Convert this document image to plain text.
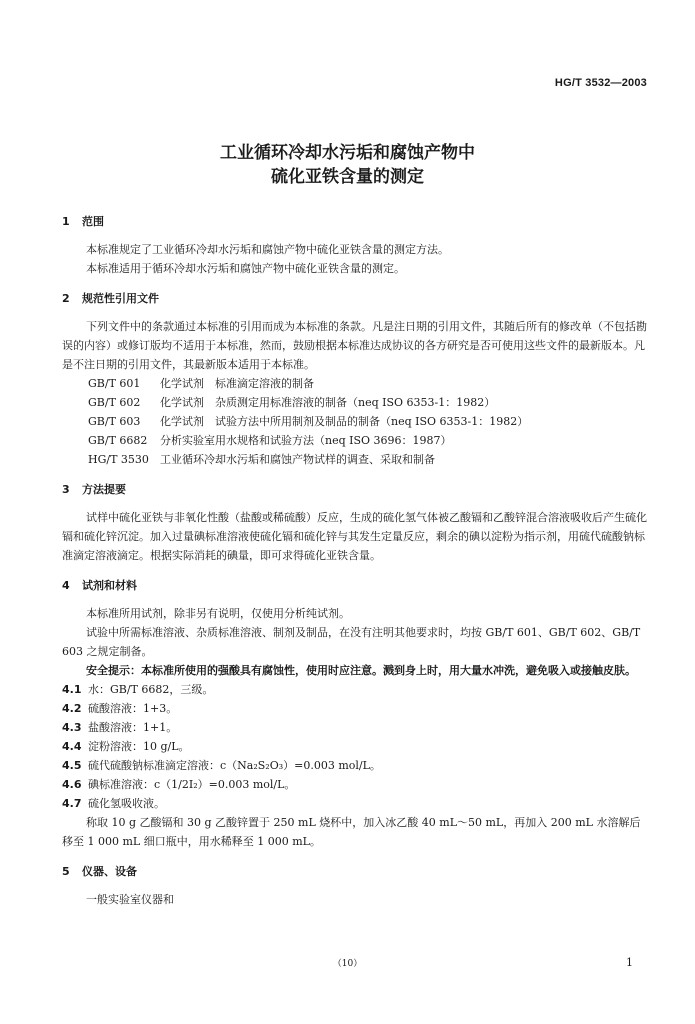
HG/T 3532—2003
工业循环冷却水污垢和腐蚀产物中
硫化亚铁含量的测定
1 范围

本标准规定了工业循环冷却水污垢和腐蚀产物中硫化亚铁含量的测定方法。

本标准适用于循环冷却水污垢和腐蚀产物中硫化亚铁含量的测定。

2 规范性引用文件

下列文件中的条款通过本标准的引用而成为本标准的条款。凡是注日期的引用文件，其随后所有的修改单（不包括勘误的内容）或修订版均不适用于本标准，然而，鼓励根据本标准达成协议的各方研究是否可使用这些文件的最新版本。凡是不注日期的引用文件，其最新版本适用于本标准。

GB/T 601 化学试剂　标准滴定溶液的制备

GB/T 602 化学试剂　杂质测定用标准溶液的制备（neq ISO 6353-1：1982）

GB/T 603 化学试剂　试验方法中所用制剂及制品的制备（neq ISO 6353-1：1982）

GB/T 6682 分析实验室用水规格和试验方法（neq ISO 3696：1987）

HG/T 3530 工业循环冷却水污垢和腐蚀产物试样的调查、采取和制备

3 方法提要

试样中硫化亚铁与非氧化性酸（盐酸或稀硫酸）反应，生成的硫化氢气体被乙酸镉和乙酸锌混合溶液吸收后产生硫化镉和硫化锌沉淀。加入过量碘标准溶液使硫化镉和硫化锌与其发生定量反应，剩余的碘以淀粉为指示剂，用硫代硫酸钠标准滴定溶液滴定。根据实际消耗的碘量，即可求得硫化亚铁含量。

4 试剂和材料

本标准所用试剂，除非另有说明，仅使用分析纯试剂。

试验中所需标准溶液、杂质标准溶液、制剂及制品，在没有注明其他要求时，均按 GB/T 601、GB/T 602、GB/T 603 之规定制备。

安全提示：本标准所使用的强酸具有腐蚀性，使用时应注意。溅到身上时，用大量水冲洗，避免吸入或接触皮肤。

4.1 水：GB/T 6682，三级。

4.2 硫酸溶液：1+3。

4.3 盐酸溶液：1+1。

4.4 淀粉溶液：10 g/L。

4.5 硫代硫酸钠标准滴定溶液：c（Na₂S₂O₃）=0.003 mol/L。

4.6 碘标准溶液：c（1/2I₂）=0.003 mol/L。

4.7 硫化氢吸收液。

称取 10 g 乙酸镉和 30 g 乙酸锌置于 250 mL 烧杯中，加入冰乙酸 40 mL～50 mL，再加入 200 mL 水溶解后移至 1 000 mL 细口瓶中，用水稀释至 1 000 mL。

5 仪器、设备

一般实验室仪器和

（10）	1
